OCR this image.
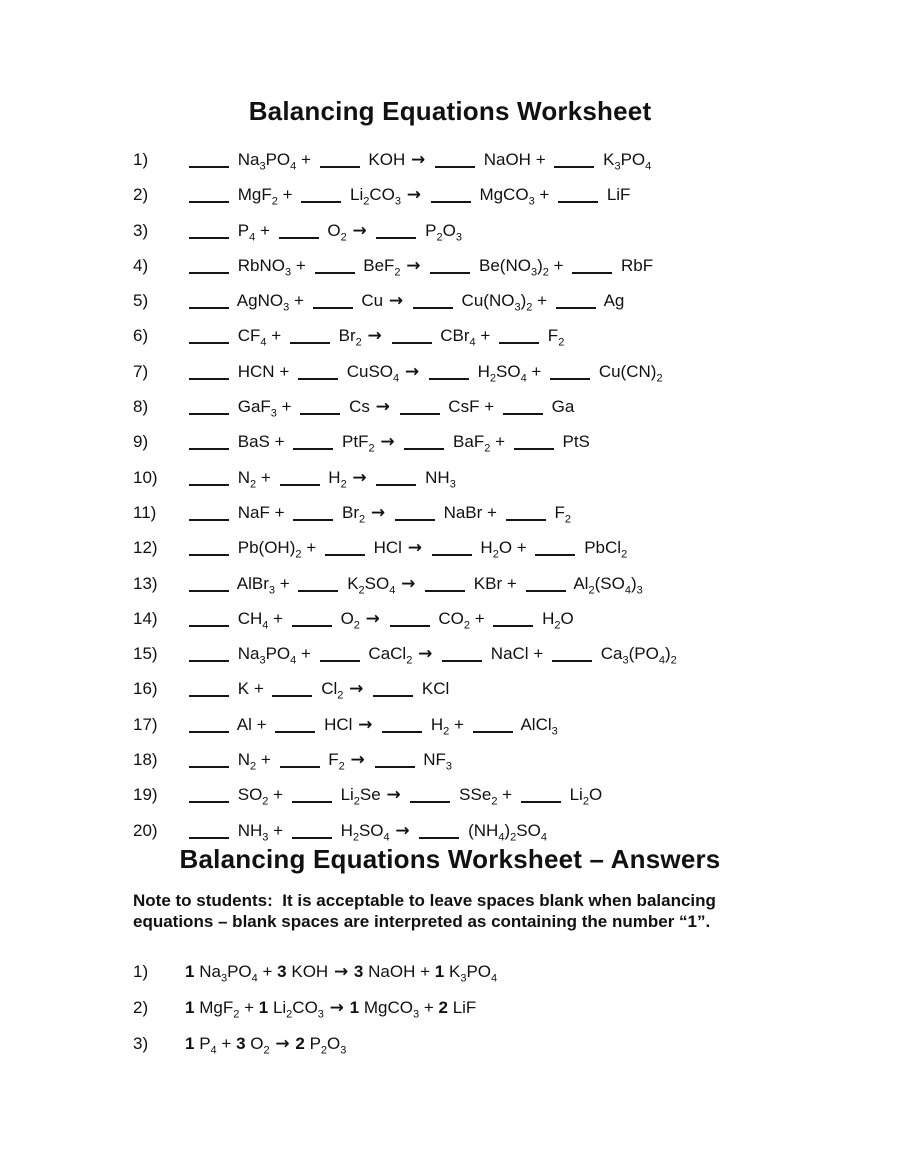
Balancing Equations Worksheet
1)	$Na_3PO_4$ +	KOH →	NaOH +	$K_3PO_4$
2)	MgF$_2$ +	$Li_2CO_3$ →	MgCO$_3$ +	LiF
3)	$P_4$ +	$O_2$ →	$P_2O_3$
4)	RbNO$_3$ +	BeF$_2$ →	$Be(NO_3)_2$ +	RbF
5)	AgNO$_3$ +	Cu →	$Cu(NO_3)_2$ +	Ag
6)	$CF_4$ +	$Br_2$ →	CBr$_4$ +	$F_2$
7)	HCN +	CuSO$_4$ →	$H_2SO_4$ +	$Cu(CN)_2$
8)	GaF$_3$ +	Cs →	CsF +	Ga
9)	BaS +	PtF$_2$ →	BaF$_2$ +	PtS
10)	$N_2$ +	$H_2$ →	$NH_3$
11)	NaF +	$Br_2$ →	NaBr +	$F_2$
12)	$Pb(OH)_2$ +	HCl →	$H_2O$ +	PbCl$_2$
13)	AlBr$_3$ +	$K_2SO_4$ →	KBr +	$Al_2(SO_4)_3$
14)	$CH_4$ +	$O_2$ →	$CO_2$ +	$H_2O$
15)	$Na_3PO_4$ +	CaCl$_2$ →	NaCl +	$Ca_3(PO_4)_2$
16)	K +	$Cl_2$ →	KCl
17)	Al +	HCl →	$H_2$ +	AlCl$_3$
18)	$N_2$ +	$F_2$ →	$NF_3$
19)	$SO_2$ +	$Li_2Se$ →	SSe$_2$ +	$Li_2O$
20)	$NH_3$ +	$H_2SO_4$ →	$(NH_4)_2SO_4$
Balancing Equations Worksheet – Answers

Note to students: It is acceptable to leave spaces blank when balancing equations – blank spaces are interpreted as containing the number “1”.

1)	1 $Na_3PO_4 + 3$ KOH → 3 NaOH + 1 $K_3PO_4$
2)	1 MgF$_2$ + 1 $Li_2CO_3 \to 1$ MgCO$_3$ + 2 LiF
3)	1 $P_4 + 3$ $O_2 \to 2$ $P_2O_3$
